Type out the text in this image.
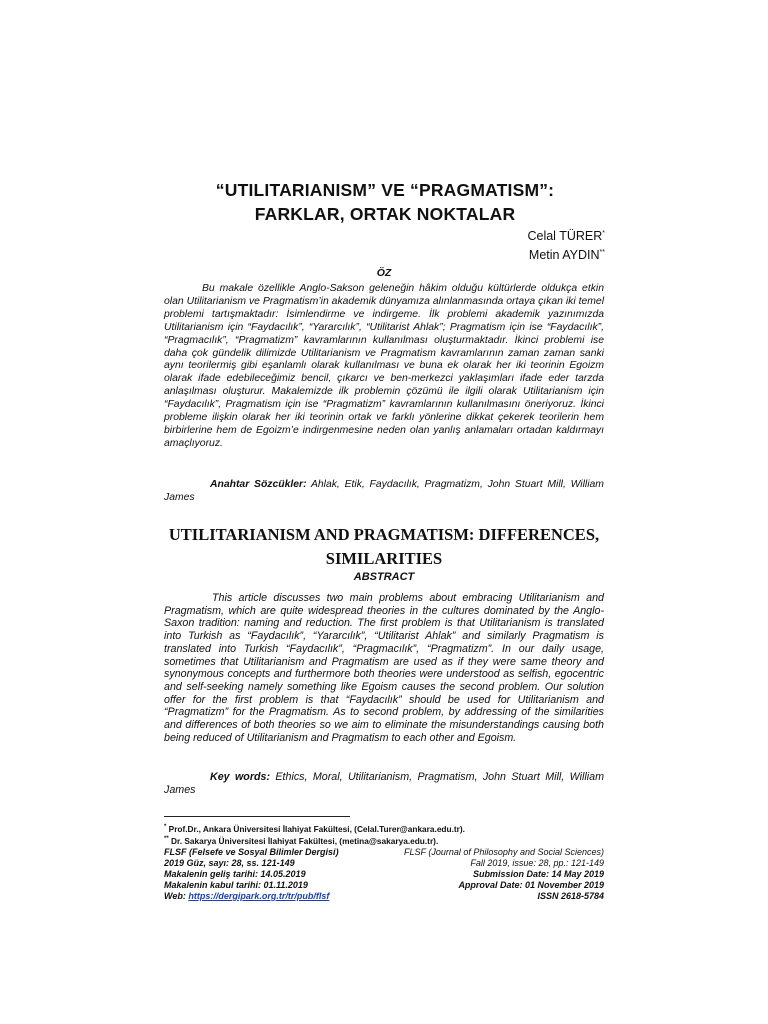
“UTILITARIANISM” VE “PRAGMATISM”:
FARKLAR, ORTAK NOKTALAR
Celal TÜRER*
Metin AYDIN**
ÖZ

Bu makale özellikle Anglo-Sakson geleneğin hâkim olduğu kültürlerde oldukça etkin olan Utilitarianism ve Pragmatism’in akademik dünyamıza alınlanmasında ortaya çıkan iki temel problemi tartışmaktadır: İsimlendirme ve indirgeme. İlk problemi akademik yazınımızda Utilitarianism için “Faydacılık”, “Yararcılık”, “Utilitarist Ahlak”; Pragmatism için ise “Faydacılık”, “Pragmacılık”, “Pragmatizm” kavramlarının kullanılması oluşturmaktadır. İkinci problemi ise daha çok gündelik dilimizde Utilitarianism ve Pragmatism kavramlarının zaman zaman sanki aynı teorilermiş gibi eşanlamlı olarak kullanılması ve buna ek olarak her iki teorinin Egoizm olarak ifade edebileceğimiz bencil, çıkarcı ve ben-merkezci yaklaşımları ifade eder tarzda anlaşılması oluşturur. Makalemizde ilk problemin çözümü ile ilgili olarak Utilitarianism için “Faydacılık”, Pragmatism için ise “Pragmatizm” kavramlarının kullanılmasını öneriyoruz. İkinci probleme ilişkin olarak her iki teorinin ortak ve farklı yönlerine dikkat çekerek teorilerin hem birbirlerine hem de Egoizm’e indirgenmesine neden olan yanlış anlamaları ortadan kaldırmayı amaçlıyoruz.

Anahtar Sözcükler: Ahlak, Etik, Faydacılık, Pragmatizm, John Stuart Mill, William James

UTILITARIANISM AND PRAGMATISM: DIFFERENCES,
SIMILARITIES
ABSTRACT

This article discusses two main problems about embracing Utilitarianism and Pragmatism, which are quite widespread theories in the cultures dominated by the Anglo-Saxon tradition: naming and reduction. The first problem is that Utilitarianism is translated into Turkish as “Faydacılık”, “Yararcılık”, “Utilitarist Ahlak” and similarly Pragmatism is translated into Turkish “Faydacılık”, “Pragmacılık”, “Pragmatizm”. In our daily usage, sometimes that Utilitarianism and Pragmatism are used as if they were same theory and synonymous concepts and furthermore both theories were understood as selfish, egocentric and self-seeking namely something like Egoism causes the second problem. Our solution offer for the first problem is that “Faydacılık” should be used for Utilitarianism and “Pragmatizm” for the Pragmatism. As to second problem, by addressing of the similarities and differences of both theories so we aim to eliminate the misunderstandings causing both being reduced of Utilitarianism and Pragmatism to each other and Egoism.

Key words: Ethics, Moral, Utilitarianism, Pragmatism, John Stuart Mill, William James

* Prof.Dr., Ankara Üniversitesi İlahiyat Fakültesi, (Celal.Turer@ankara.edu.tr).
** Dr. Sakarya Üniversitesi İlahiyat Fakültesi, (metina@sakarya.edu.tr).
FLSF (Felsefe ve Sosyal Bilimler Dergisi)	FLSF (Journal of Philosophy and Social Sciences)
2019 Güz, sayı: 28, ss. 121-149	Fall 2019, issue: 28, pp.: 121-149
Makalenin geliş tarihi: 14.05.2019	Submission Date: 14 May 2019
Makalenin kabul tarihi: 01.11.2019	Approval Date: 01 November 2019
Web: https://dergipark.org.tr/tr/pub/flsf	ISSN 2618-5784
